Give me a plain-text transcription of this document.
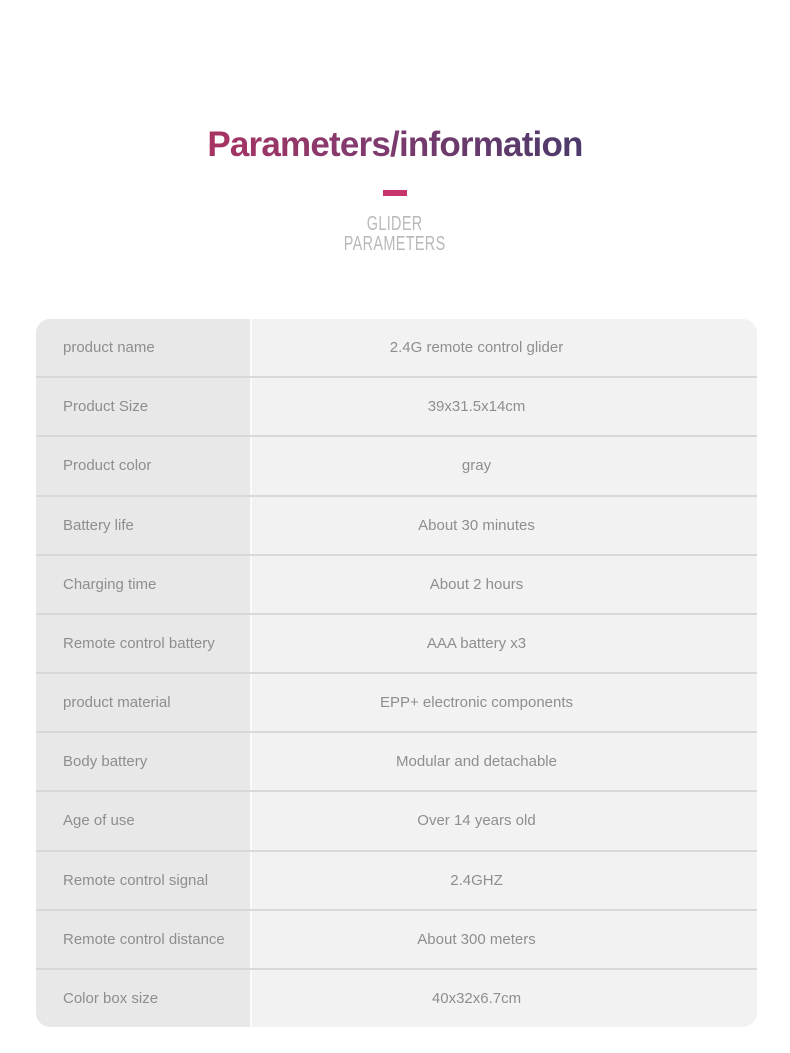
Parameters/information
GLIDER
PARAMETERS
product name	2.4G remote control glider
Product Size	39x31.5x14cm
Product color	gray
Battery life	About 30 minutes
Charging time	About 2 hours
Remote control battery	AAA battery x3
product material	EPP+ electronic components
Body battery	Modular and detachable
Age of use	Over 14 years old
Remote control signal	2.4GHZ
Remote control distance	About 300 meters
Color box size	40x32x6.7cm
